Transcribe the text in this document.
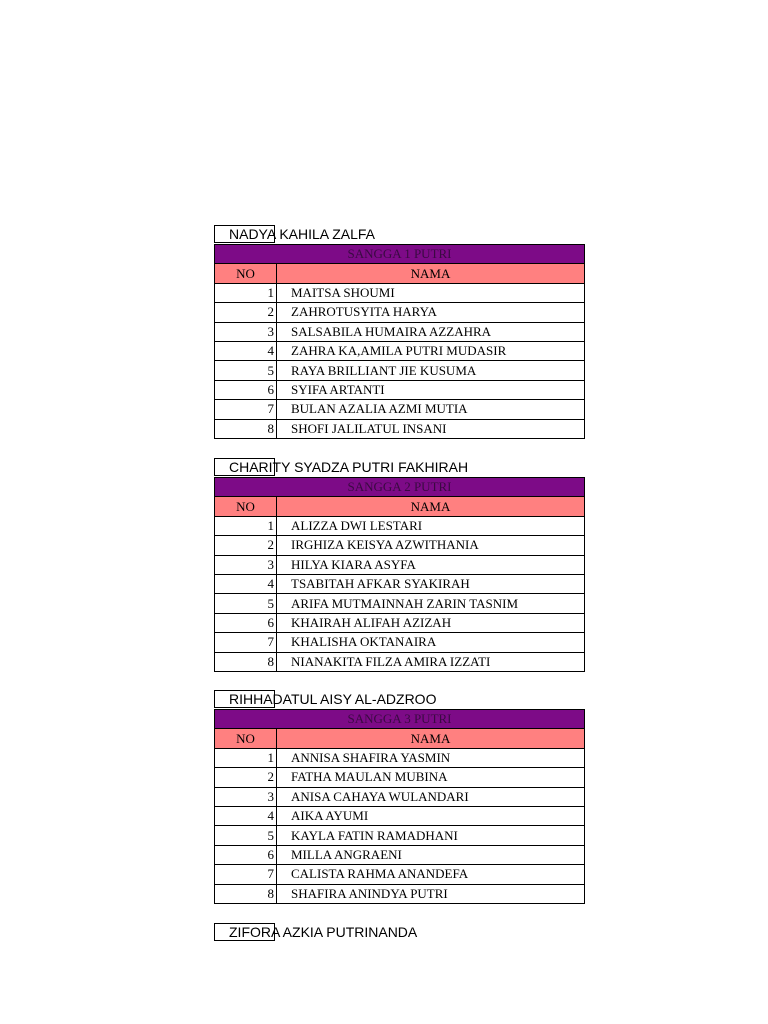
NADYA KAHILA ZALFA
SANGGA 1 PUTRI	
NO	NAMA
1	MAITSA SHOUMI
2	ZAHROTUSYITA HARYA
3	SALSABILA HUMAIRA AZZAHRA
4	ZAHRA KA,AMILA PUTRI MUDASIR
5	RAYA BRILLIANT JIE KUSUMA
6	SYIFA ARTANTI
7	BULAN AZALIA AZMI MUTIA
8	SHOFI JALILATUL INSANI
CHARITY SYADZA PUTRI FAKHIRAH
SANGGA 2 PUTRI	
NO	NAMA
1	ALIZZA DWI LESTARI
2	IRGHIZA KEISYA AZWITHANIA
3	HILYA KIARA ASYFA
4	TSABITAH AFKAR SYAKIRAH
5	ARIFA MUTMAINNAH ZARIN TASNIM
6	KHAIRAH ALIFAH AZIZAH
7	KHALISHA OKTANAIRA
8	NIANAKITA FILZA AMIRA IZZATI
RIHHADATUL AISY AL-ADZROO
SANGGA 3 PUTRI	
NO	NAMA
1	ANNISA SHAFIRA YASMIN
2	FATHA MAULAN MUBINA
3	ANISA CAHAYA WULANDARI
4	AIKA AYUMI
5	KAYLA FATIN RAMADHANI
6	MILLA ANGRAENI
7	CALISTA RAHMA ANANDEFA
8	SHAFIRA ANINDYA PUTRI
ZIFORA AZKIA PUTRINANDA
